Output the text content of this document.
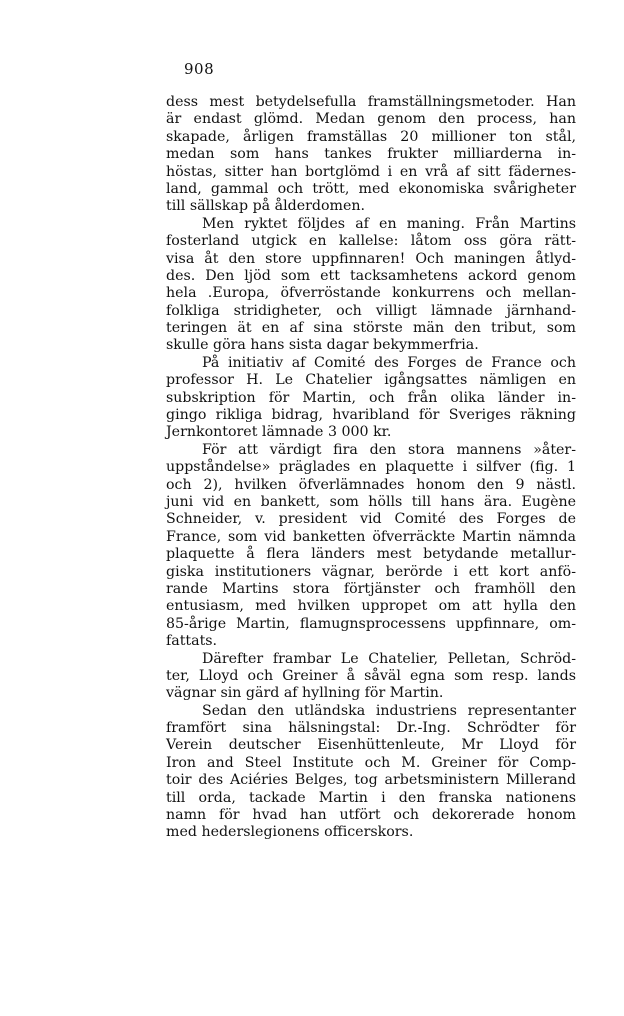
908
dess mest betydelsefulla framställningsmetoder. Han
är endast glömd. Medan genom den process, han
skapade, årligen framställas 20 millioner ton stål,
medan som hans tankes frukter milliarderna in-
höstas, sitter han bortglömd i en vrå af sitt fädernes-
land, gammal och trött, med ekonomiska svårigheter
till sällskap på ålderdomen.
Men ryktet följdes af en maning. Från Martins
fosterland utgick en kallelse: låtom oss göra rätt-
visa åt den store uppfinnaren! Och maningen åtlyd-
des. Den ljöd som ett tacksamhetens ackord genom
hela .Europa, öfverröstande konkurrens och mellan-
folkliga stridigheter, och villigt lämnade järnhand-
teringen ät en af sina störste män den tribut, som
skulle göra hans sista dagar bekymmerfria.
På initiativ af Comité des Forges de France och
professor H. Le Chatelier igångsattes nämligen en
subskription för Martin, och från olika länder in-
gingo rikliga bidrag, hvaribland för Sveriges räkning
Jernkontoret lämnade 3 000 kr.
För att värdigt fira den stora mannens »åter-
uppståndelse» präglades en plaquette i silfver (fig. 1
och 2), hvilken öfverlämnades honom den 9 nästl.
juni vid en bankett, som hölls till hans ära. Eugène
Schneider, v. president vid Comité des Forges de
France, som vid banketten öfverräckte Martin nämnda
plaquette å flera länders mest betydande metallur-
giska institutioners vägnar, berörde i ett kort anfö-
rande Martins stora förtjänster och framhöll den
entusiasm, med hvilken uppropet om att hylla den
85-årige Martin, flamugnsprocessens uppfinnare, om-
fattats.
Därefter frambar Le Chatelier, Pelletan, Schröd-
ter, Lloyd och Greiner å såväl egna som resp. lands
vägnar sin gärd af hyllning för Martin.
Sedan den utländska industriens representanter
framfört sina hälsningstal: Dr.-Ing. Schrödter för
Verein deutscher Eisenhüttenleute, Mr Lloyd för
Iron and Steel Institute och M. Greiner för Comp-
toir des Aciéries Belges, tog arbetsministern Millerand
till orda, tackade Martin i den franska nationens
namn för hvad han utfört och dekorerade honom
med hederslegionens officerskors.
